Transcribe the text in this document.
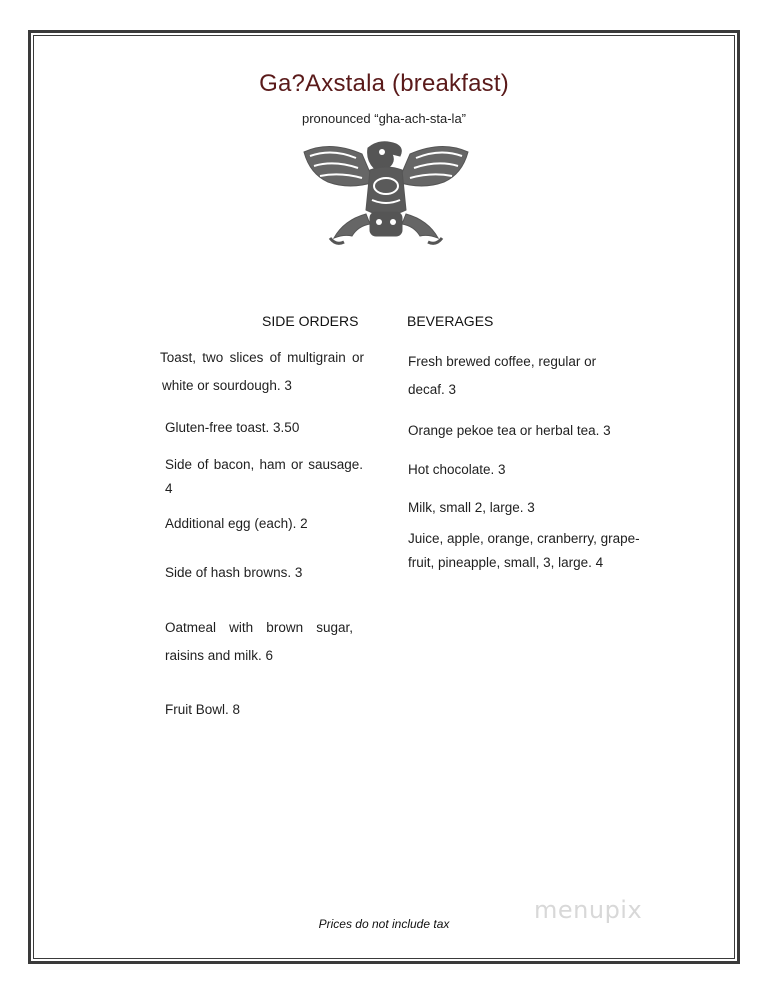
Ga?Axstala (breakfast)
pronounced “gha-ach-sta-la”
SIDE ORDERS	BEVERAGES
Toast, two slices of multigrain or white or sourdough. 3
Gluten-free toast. 3.50
Side of bacon, ham or sausage. 4
Additional egg (each). 2
Side of hash browns. 3
Oatmeal with brown sugar, raisins and milk. 6
Fruit Bowl. 8
Fresh brewed coffee, regular or decaf. 3
Orange pekoe tea or herbal tea. 3
Hot chocolate. 3
Milk, small 2, large. 3
Juice, apple, orange, cranberry, grape-fruit, pineapple, small, 3, large. 4
menupix
Prices do not include tax
